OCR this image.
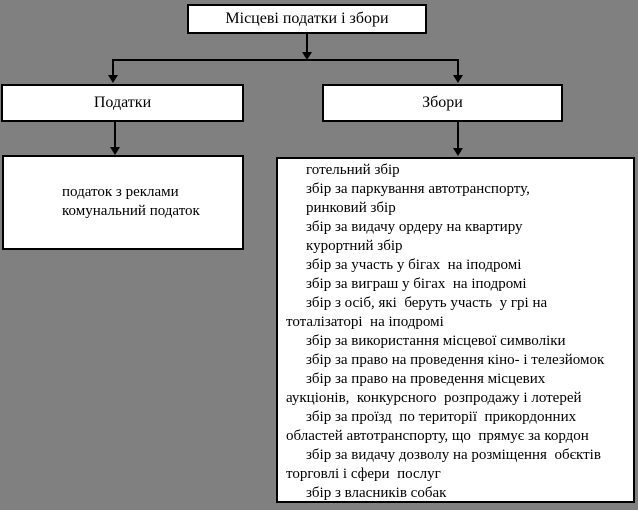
Місцеві податки і збори
Податки	Збори
податок з реклами
комунальний податок
готельний збір
збір за паркування автотранспорту,
ринковий збір
збір за видачу ордеру на квартиру
курортний збір
збір за участь у бігах  на іподромі
збір за виграш у бігах  на іподромі
збір з осіб, які  беруть участь  у грі на
тоталізаторі  на іподромі
збір за використання місцевої символіки
збір за право на проведення кіно- і телезйомок
збір за право на проведення місцевих
аукціонів,  конкурсного  розпродажу і лотерей
збір за проїзд  по території  прикордонних
областей автотранспорту, що  прямує за кордон
збір за видачу дозволу на розміщення  обєктів
торговлі і сфери  послуг
збір з власників собак
